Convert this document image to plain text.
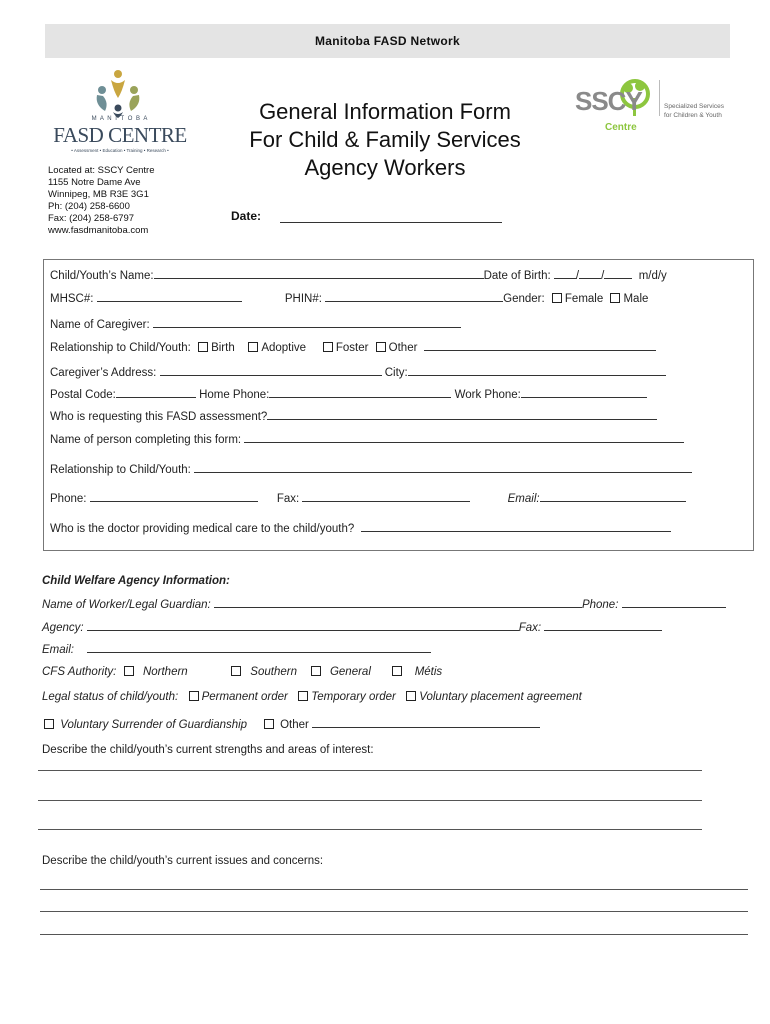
Manitoba FASD Network
M A N I T O B A
FASD CENTRE
• Assessment • Education • Training • Research •
Located at: SSCY Centre
1155 Notre Dame Ave
Winnipeg, MB R3E 3G1
Ph: (204) 258-6600
Fax: (204) 258-6797
www.fasdmanitoba.com
General Information Form
For Child & Family Services
Agency Workers
Date:
SSCY
Centre
Specialized Services
for Children & Youth
Child/Youth’s Name:	Date of Birth: / /	m/d/y
MHSC#:	PHIN#:	Gender: Female Male
Name of Caregiver:
Relationship to Child/Youth: Birth Adoptive	Foster Other
Caregiver’s Address:	City:
Postal Code:	Home Phone:	Work Phone:
Who is requesting this FASD assessment?
Name of person completing this form:
Relationship to Child/Youth:
Phone:	Fax:	Email:
Who is the doctor providing medical care to the child/youth?
Child Welfare Agency Information:
Name of Worker/Legal Guardian:	Phone:
Agency:	Fax:
Email:
CFS Authority: Northern	Southern	General	Métis
Legal status of child/youth: Permanent order Temporary order Voluntary placement agreement
Voluntary Surrender of Guardianship	Other
Describe the child/youth’s current strengths and areas of interest:
Describe the child/youth’s current issues and concerns:
